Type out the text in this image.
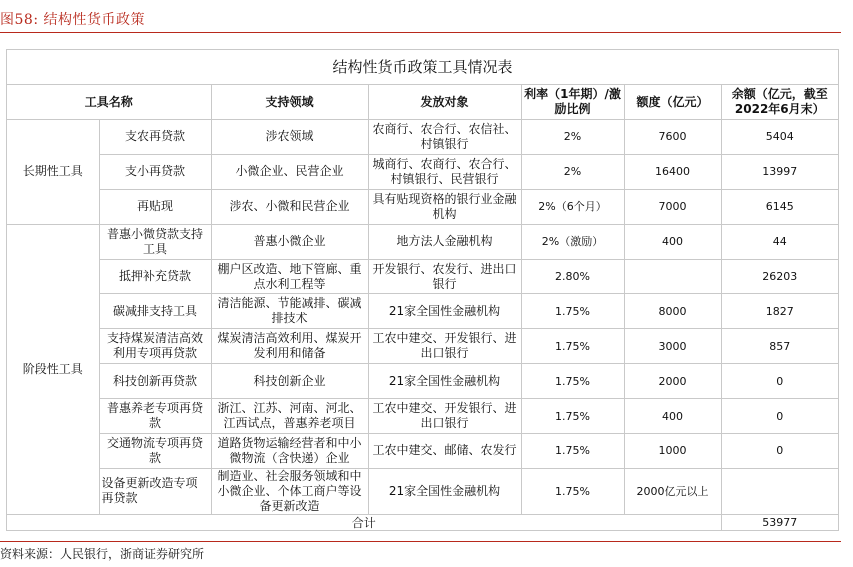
图58: 结构性货币政策
结构性货币政策工具情况表
工具名称		支持领域	发放对象	利率（1年期）/激励比例	额度（亿元）	余额（亿元，截至2022年6月末）
长期性工具	支农再贷款	涉农领域	农商行、农合行、农信社、村镇银行	2%	7600	5404
	支小再贷款	小微企业、民营企业	城商行、农商行、农合行、村镇银行、民营银行	2%	16400	13997
	再贴现	涉农、小微和民营企业	具有贴现资格的银行业金融机构	2%（6个月）	7000	6145
阶段性工具	普惠小微贷款支持工具	普惠小微企业	地方法人金融机构	2%（激励）	400	44
	抵押补充贷款	棚户区改造、地下管廊、重点水利工程等	开发银行、农发行、进出口银行	2.80%		26203
	碳减排支持工具	清洁能源、节能减排、碳减排技术	21家全国性金融机构	1.75%	8000	1827
	支持煤炭清洁高效利用专项再贷款	煤炭清洁高效利用、煤炭开发利用和储备	工农中建交、开发银行、进出口银行	1.75%	3000	857
	科技创新再贷款	科技创新企业	21家全国性金融机构	1.75%	2000	0
	普惠养老专项再贷款	浙江、江苏、河南、河北、江西试点，普惠养老项目	工农中建交、开发银行、进出口银行	1.75%	400	0
	交通物流专项再贷款	道路货物运输经营者和中小微物流（含快递）企业	工农中建交、邮储、农发行	1.75%	1000	0
	设备更新改造专项再贷款	制造业、社会服务领域和中小微企业、个体工商户等设备更新改造	21家全国性金融机构	1.75%	2000亿元以上	
合计						53977
资料来源：人民银行，浙商证券研究所
